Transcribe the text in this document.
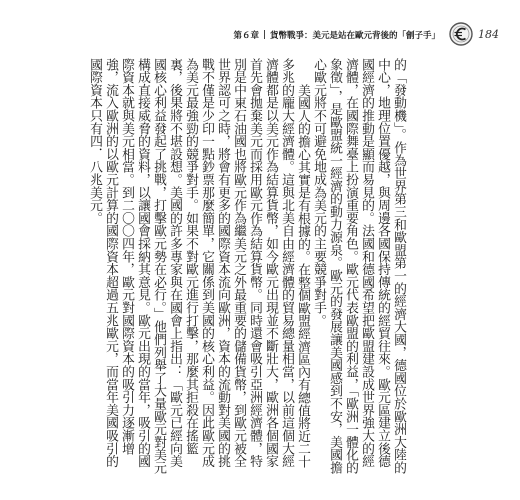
第６章 貨幣戰爭：美元是站在歐元背後的「劊子手」	184

的「發動機」。作為世界第三和歐盟第一的經濟大國，德國位於歐洲大陸的中心，地理位置優越，與周邊各國保持傳統的經貿往來。歐元區建立後德國經濟的推動是顯而易見的。法國和德國希望把歐盟建設成世界強大的經濟體，在國際舞臺上扮演重要角色。歐元代表歐盟的利益，「歐洲一體化的象徵」，是歐盟統一經濟的動力源泉。歐元的發展讓美國感到不安，美國擔心歐元將不可避免地成為美元的主要競爭對手。

美國人的擔心其實是有根據的。在整個歐盟經濟區內有總值將近二十多兆的龐大經濟體。這與北美自由經濟體的貿易總量相當，以前這個大經濟體都是以美元作為結算貨幣，如今歐元出現並不斷壯大，歐洲各個國家首先會拋棄美元而採用歐元作為結算貨幣。同時還會吸引亞洲經濟體，特別是中東石油國也將歐元作為繼美元之外最重要的儲備貨幣，到歐元被全世界認可之時，將會有更多的國際資本流向歐洲，資本的流動對美國的挑戰不僅是少印一點鈔票那麼簡單，它關係到美國的核心利益。因此歐元成為美元最強勁的競爭對手。如果不對歐元進行打擊，那麼其拒殺在搖籃裏，後果將不堪設想。美國的許多專家與在國會上指出：「歐元已經向美國核心利益發起了挑戰，打擊歐元勢在必行。」他們列舉了大量歐元對美元構成直接威脅的資料，以讓國會採納其意見。歐元出現的當年，吸引的國際資本就與美元相當。到二〇〇四年，歐元對國際資本的吸引力逐漸增強，流入歐洲的以歐元計算的國際資本超過五兆歐元，而當年美國吸引的國際資本只有四．八兆美元。
